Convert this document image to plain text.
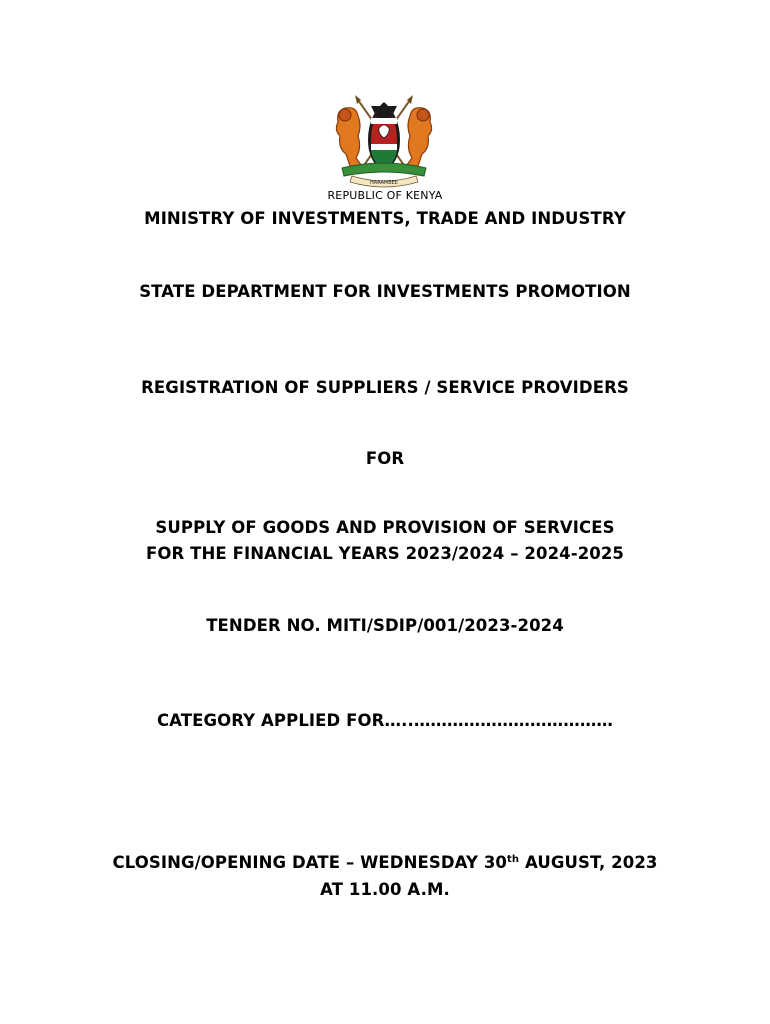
HARAMBEE
REPUBLIC OF KENYA
MINISTRY OF INVESTMENTS, TRADE AND INDUSTRY
STATE DEPARTMENT FOR INVESTMENTS PROMOTION
REGISTRATION OF SUPPLIERS / SERVICE PROVIDERS
FOR
SUPPLY OF GOODS AND PROVISION OF SERVICES
FOR THE FINANCIAL YEARS 2023/2024 – 2024-2025
TENDER NO. MITI/SDIP/001/2023-2024
CATEGORY APPLIED FOR…..………………………………
CLOSING/OPENING DATE – WEDNESDAY 30th AUGUST, 2023
AT 11.00 A.M.
